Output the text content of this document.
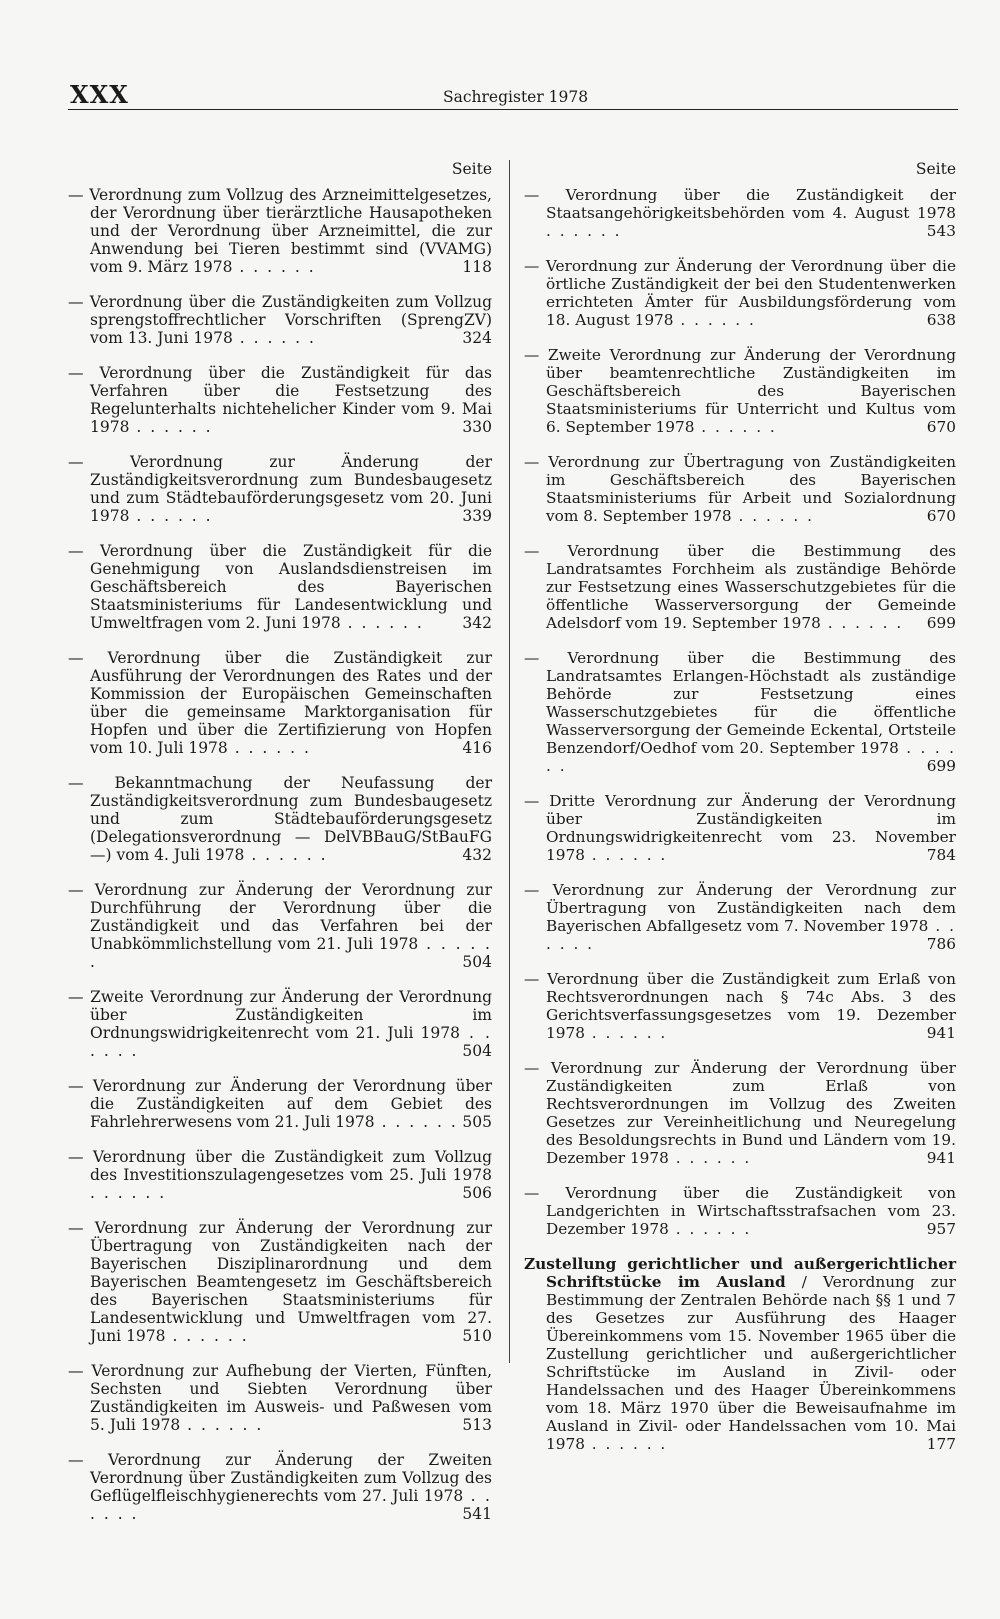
XXX	Sachregister 1978
Seite

— Verordnung zum Vollzug des Arzneimittelgesetzes, der Verordnung über tierärztliche Hausapotheken und der Verordnung über Arzneimittel, die zur Anwendung bei Tieren bestimmt sind (VVAMG) vom 9. März 1978 . . . . . .	118

— Verordnung über die Zuständigkeiten zum Vollzug sprengstoffrechtlicher Vorschriften (SprengZV) vom 13. Juni 1978 . . . . . .	324

— Verordnung über die Zuständigkeit für das Verfahren über die Festsetzung des Regelunterhalts nichtehelicher Kinder vom 9. Mai 1978 . . . . . .	330

— Verordnung zur Änderung der Zuständigkeitsverordnung zum Bundesbaugesetz und zum Städtebauförderungsgesetz vom 20. Juni 1978 . . . . . .	339

— Verordnung über die Zuständigkeit für die Genehmigung von Auslandsdienstreisen im Geschäftsbereich des Bayerischen Staatsministeriums für Landesentwicklung und Umweltfragen vom 2. Juni 1978 . . . . . . 342

— Verordnung über die Zuständigkeit zur Ausführung der Verordnungen des Rates und der Kommission der Europäischen Gemeinschaften über die gemeinsame Marktorganisation für Hopfen und über die Zertifizierung von Hopfen vom 10. Juli 1978 . . . . . .	416

— Bekanntmachung der Neufassung der Zuständigkeitsverordnung zum Bundesbaugesetz und zum Städtebauförderungsgesetz (Delegationsverordnung — DelVBBauG/StBauFG —) vom 4. Juli 1978 . . . . . .	432

— Verordnung zur Änderung der Verordnung zur Durchführung der Verordnung über die Zuständigkeit und das Verfahren bei der Unabkömmlichstellung vom 21. Juli 1978 . . . . . .	504

— Zweite Verordnung zur Änderung der Verordnung über Zuständigkeiten im Ordnungswidrigkeitenrecht vom 21. Juli 1978 . . . . . .	504

— Verordnung zur Änderung der Verordnung über die Zuständigkeiten auf dem Gebiet des Fahrlehrerwesens vom 21. Juli 1978 . . . . . . 505

— Verordnung über die Zuständigkeit zum Vollzug des Investitionszulagengesetzes vom 25. Juli 1978 . . . . . .	506

— Verordnung zur Änderung der Verordnung zur Übertragung von Zuständigkeiten nach der Bayerischen Disziplinarordnung und dem Bayerischen Beamtengesetz im Geschäftsbereich des Bayerischen Staatsministeriums für Landesentwicklung und Umweltfragen vom 27. Juni 1978 . . . . . .	510

— Verordnung zur Aufhebung der Vierten, Fünften, Sechsten und Siebten Verordnung über Zuständigkeiten im Ausweis- und Paßwesen vom 5. Juli 1978 . . . . . .	513

— Verordnung zur Änderung der Zweiten Verordnung über Zuständigkeiten zum Vollzug des Geflügelfleischhygienerechts vom 27. Juli 1978 . . . . . .	541

Seite

— Verordnung über die Zuständigkeit der Staatsangehörigkeitsbehörden vom 4. August 1978 . . . . . .	543

— Verordnung zur Änderung der Verordnung über die örtliche Zuständigkeit der bei den Studentenwerken errichteten Ämter für Ausbildungsförderung vom 18. August 1978 . . . . . .	638

— Zweite Verordnung zur Änderung der Verordnung über beamtenrechtliche Zuständigkeiten im Geschäftsbereich des Bayerischen Staatsministeriums für Unterricht und Kultus vom 6. September 1978 . . . . . .	670

— Verordnung zur Übertragung von Zuständigkeiten im Geschäftsbereich des Bayerischen Staatsministeriums für Arbeit und Sozialordnung vom 8. September 1978 . . . . . .	670

— Verordnung über die Bestimmung des Landratsamtes Forchheim als zuständige Behörde zur Festsetzung eines Wasserschutzgebietes für die öffentliche Wasserversorgung der Gemeinde Adelsdorf vom 19. September 1978 . . . . . . 699

— Verordnung über die Bestimmung des Landratsamtes Erlangen-Höchstadt als zuständige Behörde zur Festsetzung eines Wasserschutzgebietes für die öffentliche Wasserversorgung der Gemeinde Eckental, Ortsteile Benzendorf/Oedhof vom 20. September 1978 . . . . . .	699

— Dritte Verordnung zur Änderung der Verordnung über Zuständigkeiten im Ordnungswidrigkeitenrecht vom 23. November 1978 . . . . . .	784

— Verordnung zur Änderung der Verordnung zur Übertragung von Zuständigkeiten nach dem Bayerischen Abfallgesetz vom 7. November 1978 . . . . . .	786

— Verordnung über die Zuständigkeit zum Erlaß von Rechtsverordnungen nach § 74c Abs. 3 des Gerichtsverfassungsgesetzes vom 19. Dezember 1978 . . . . . .	941

— Verordnung zur Änderung der Verordnung über Zuständigkeiten zum Erlaß von Rechtsverordnungen im Vollzug des Zweiten Gesetzes zur Vereinheitlichung und Neuregelung des Besoldungsrechts in Bund und Ländern vom 19. Dezember 1978 . . . . . .	941

— Verordnung über die Zuständigkeit von Landgerichten in Wirtschaftsstrafsachen vom 23. Dezember 1978 . . . . . .	957

Zustellung gerichtlicher und außergerichtlicher Schriftstücke im Ausland / Verordnung zur Bestimmung der Zentralen Behörde nach §§ 1 und 7 des Gesetzes zur Ausführung des Haager Übereinkommens vom 15. November 1965 über die Zustellung gerichtlicher und außergerichtlicher Schriftstücke im Ausland in Zivil- oder Handelssachen und des Haager Übereinkommens vom 18. März 1970 über die Beweisaufnahme im Ausland in Zivil- oder Handelssachen vom 10. Mai 1978 . . . . . .	177
